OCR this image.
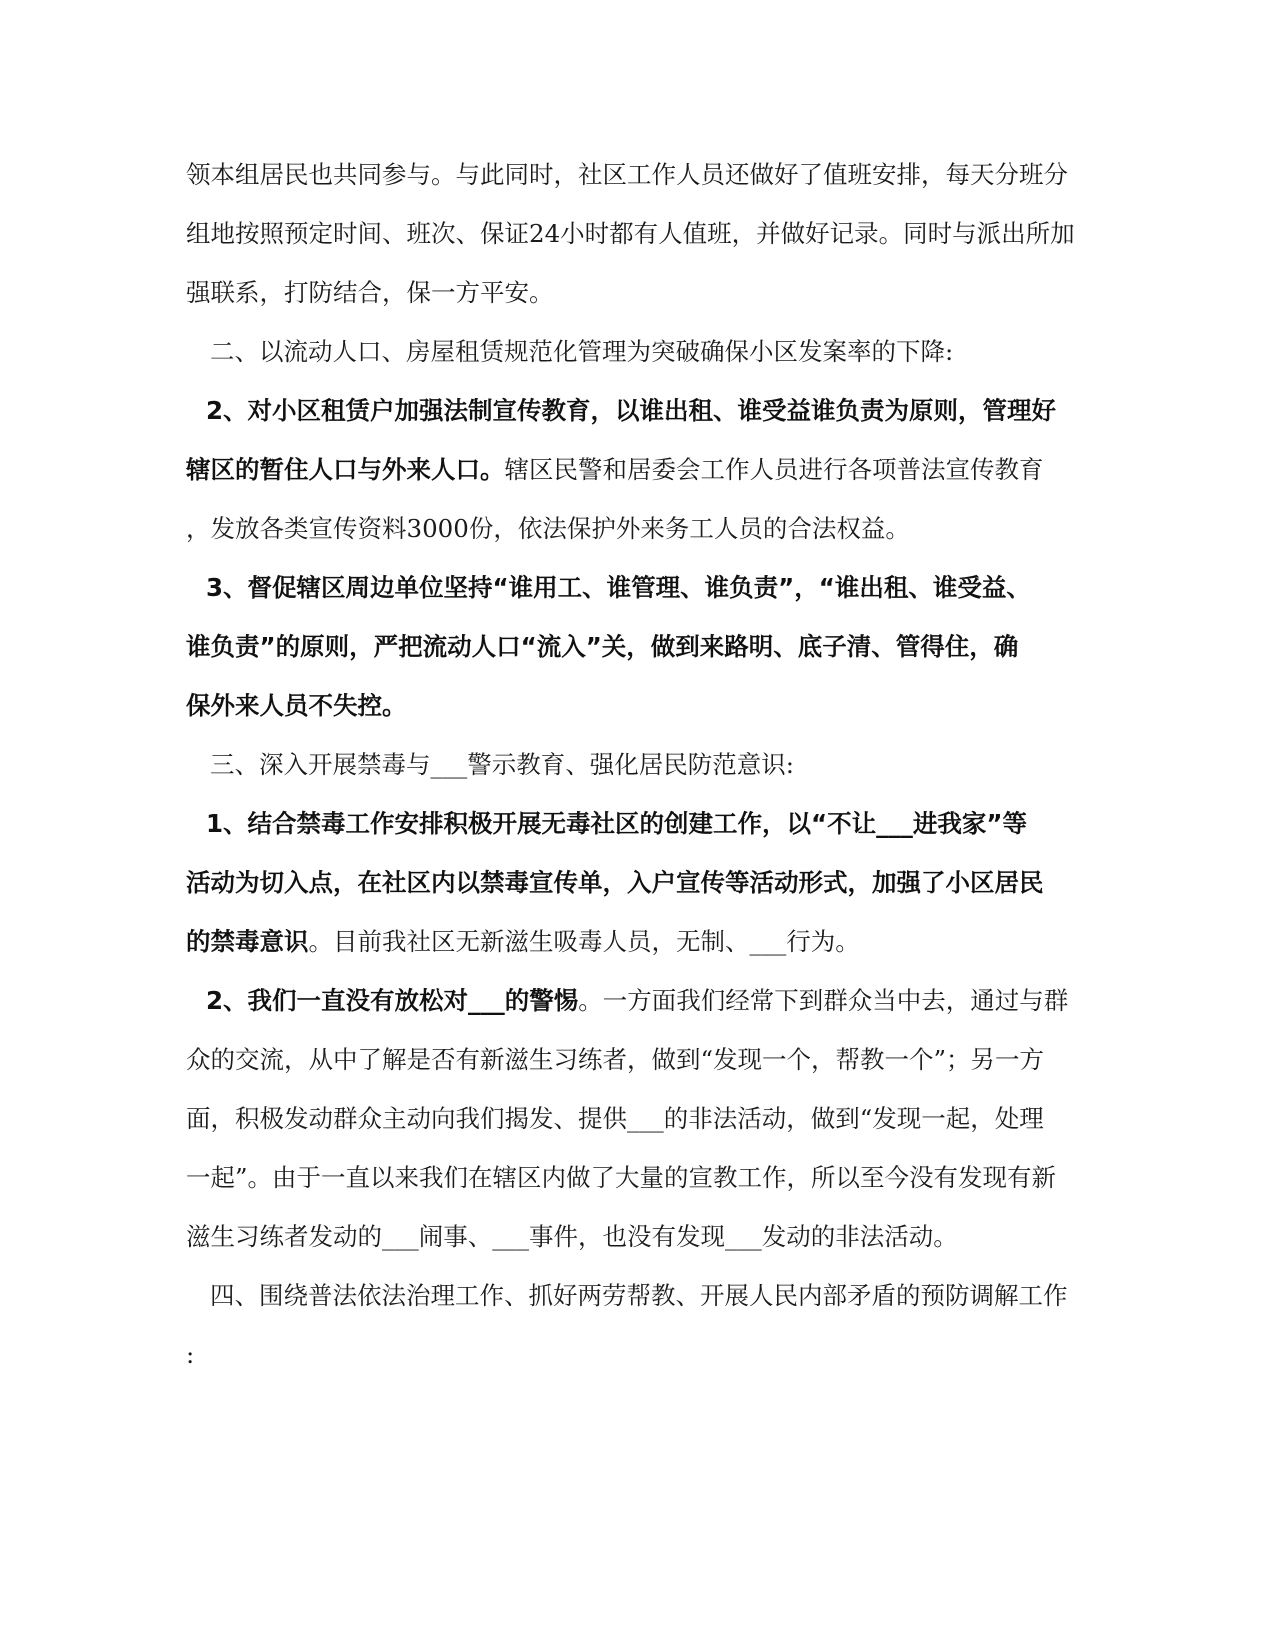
领本组居民也共同参与。与此同时，社区工作人员还做好了值班安排，每天分班分
组地按照预定时间、班次、保证24小时都有人值班，并做好记录。同时与派出所加
强联系，打防结合，保一方平安。
二、以流动人口、房屋租赁规范化管理为突破确保小区发案率的下降:
2、对小区租赁户加强法制宣传教育，以谁出租、谁受益谁负责为原则，管理好
辖区的暂住人口与外来人口。辖区民警和居委会工作人员进行各项普法宣传教育
，发放各类宣传资料3000份，依法保护外来务工人员的合法权益。
3、督促辖区周边单位坚持“谁用工、谁管理、谁负责”，“谁出租、谁受益、
谁负责”的原则，严把流动人口“流入”关，做到来路明、底子清、管得住，确
保外来人员不失控。
三、深入开展禁毒与___警示教育、强化居民防范意识:
1、结合禁毒工作安排积极开展无毒社区的创建工作，以“不让___进我家”等
活动为切入点，在社区内以禁毒宣传单，入户宣传等活动形式，加强了小区居民
的禁毒意识。目前我社区无新滋生吸毒人员，无制、___行为。
2、我们一直没有放松对___的警惕。一方面我们经常下到群众当中去，通过与群
众的交流，从中了解是否有新滋生习练者，做到“发现一个，帮教一个”；另一方
面，积极发动群众主动向我们揭发、提供___的非法活动，做到“发现一起，处理
一起”。由于一直以来我们在辖区内做了大量的宣教工作，所以至今没有发现有新
滋生习练者发动的___闹事、___事件，也没有发现___发动的非法活动。
四、围绕普法依法治理工作、抓好两劳帮教、开展人民内部矛盾的预防调解工作
:
